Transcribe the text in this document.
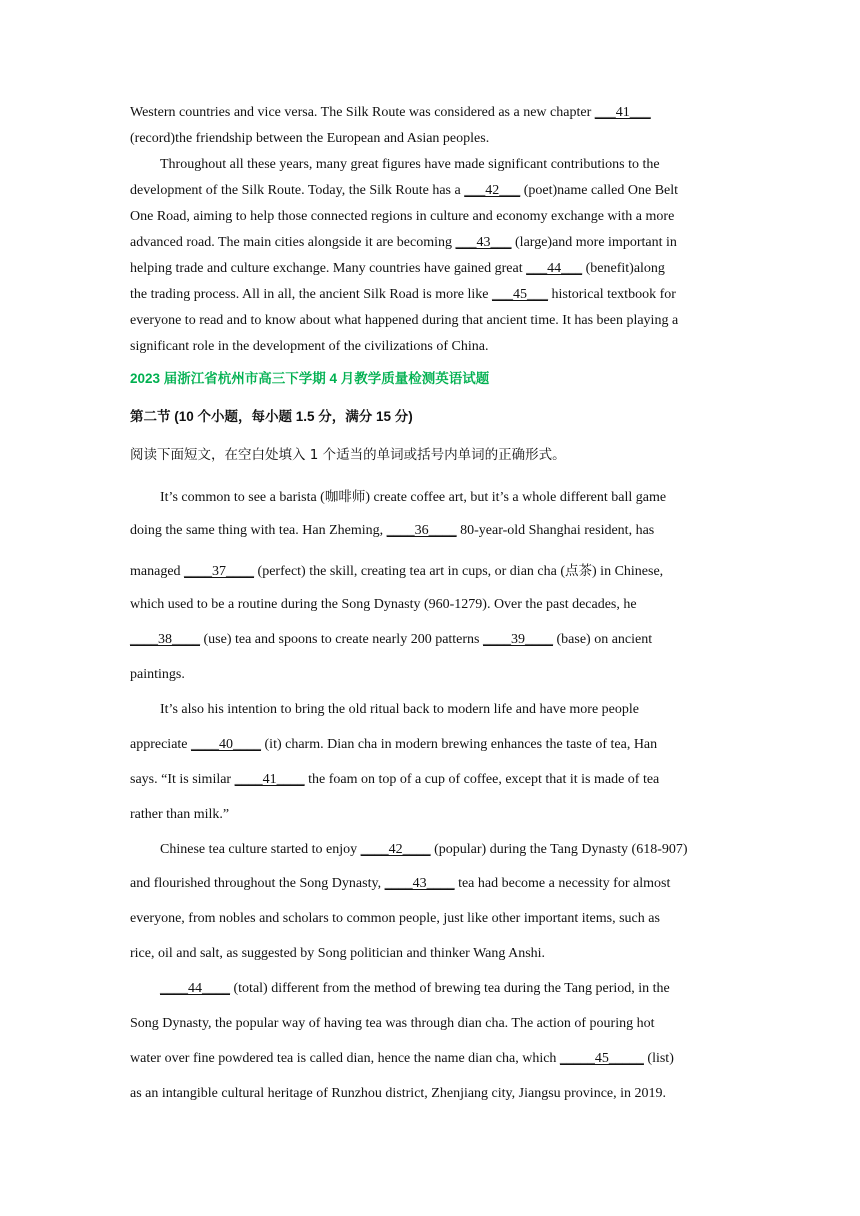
Western countries and vice versa. The Silk Route was considered as a new chapter ___41___

(record)the friendship between the European and Asian peoples.

Throughout all these years, many great figures have made significant contributions to the

development of the Silk Route. Today, the Silk Route has a ___42___ (poet)name called One Belt

One Road, aiming to help those connected regions in culture and economy exchange with a more

advanced road. The main cities alongside it are becoming ___43___ (large)and more important in

helping trade and culture exchange. Many countries have gained great ___44___ (benefit)along

the trading process. All in all, the ancient Silk Road is more like ___45___ historical textbook for

everyone to read and to know about what happened during that ancient time. It has been playing a

significant role in the development of the civilizations of China.

2023 届浙江省杭州市高三下学期 4 月教学质量检测英语试题

第二节 (10 个小题，每小题 1.5 分，满分 15 分)

阅读下面短文，在空白处填入 1 个适当的单词或括号内单词的正确形式。

It’s common to see a barista (咖啡师) create coffee art, but it’s a whole different ball game

doing the same thing with tea. Han Zheming, ____36____ 80-year-old Shanghai resident, has

managed ____37____ (perfect) the skill, creating tea art in cups, or dian cha (点茶) in Chinese,

which used to be a routine during the Song Dynasty (960-1279). Over the past decades, he

____38____ (use) tea and spoons to create nearly 200 patterns ____39____ (base) on ancient

paintings.

It’s also his intention to bring the old ritual back to modern life and have more people

appreciate ____40____ (it) charm. Dian cha in modern brewing enhances the taste of tea, Han

says. “It is similar ____41____ the foam on top of a cup of coffee, except that it is made of tea

rather than milk.”

Chinese tea culture started to enjoy ____42____ (popular) during the Tang Dynasty (618-907)

and flourished throughout the Song Dynasty, ____43____ tea had become a necessity for almost

everyone, from nobles and scholars to common people, just like other important items, such as

rice, oil and salt, as suggested by Song politician and thinker Wang Anshi.

____44____ (total) different from the method of brewing tea during the Tang period, in the

Song Dynasty, the popular way of having tea was through dian cha. The action of pouring hot

water over fine powdered tea is called dian, hence the name dian cha, which _____45_____ (list)

as an intangible cultural heritage of Runzhou district, Zhenjiang city, Jiangsu province, in 2019.
